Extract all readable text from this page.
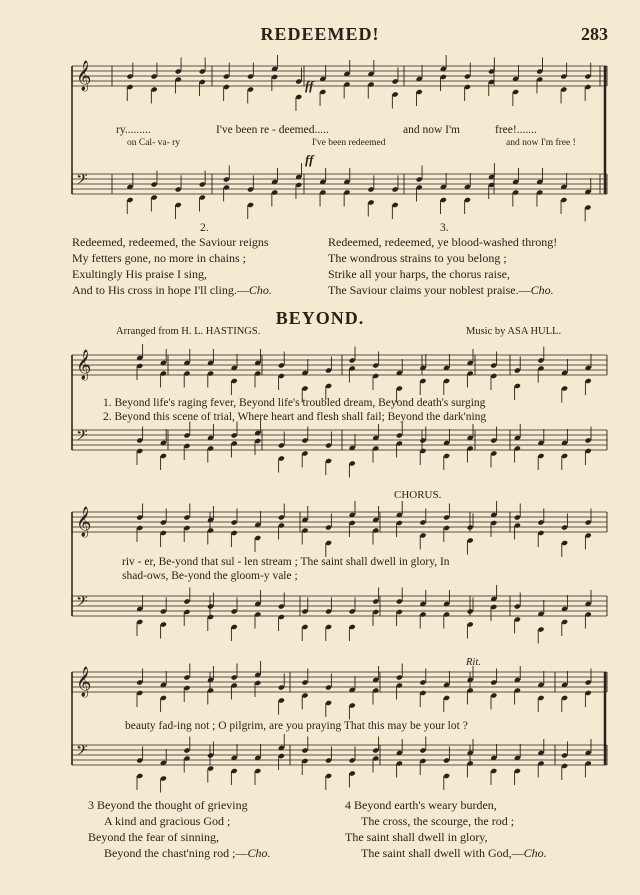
REDEEMED!	283
𝄞
𝄢
𝄞
𝄢
𝄞
𝄢
𝄞
𝄢
ff
ff
ry.........	I've been re - deemed.....	and now I'm	free!.......
on Cal- va- ry	I've been redeemed	and now I'm free !
2.	3.
Redeemed, redeemed, the Saviour reigns
My fetters gone, no more in chains ;
Exultingly His praise I sing,
And to His cross in hope I'll cling.—Cho.
Redeemed, redeemed, ye blood-washed throng!
The wondrous strains to you belong ;
Strike all your harps, the chorus raise,
The Saviour claims your noblest praise.—Cho.
BEYOND.
Arranged from H. L. HASTINGS.	Music by ASA HULL.
1. Beyond life's raging fever, Beyond life's troubled dream, Beyond death's surging
2. Beyond this scene of trial, Where heart and flesh shall fail; Beyond the dark'ning
CHORUS.
riv - er, Be-yond that sul - len stream ; The saint shall dwell in glory, In
shad-ows, Be-yond the gloom-y vale ;
Rit.
beauty fad-ing not ; O pilgrim, are you praying That this may be your lot ?
3 Beyond the thought of grieving
A kind and gracious God ;
Beyond the fear of sinning,
Beyond the chast'ning rod ;—Cho.
4 Beyond earth's weary burden,
The cross, the scourge, the rod ;
The saint shall dwell in glory,
The saint shall dwell with God,—Cho.
